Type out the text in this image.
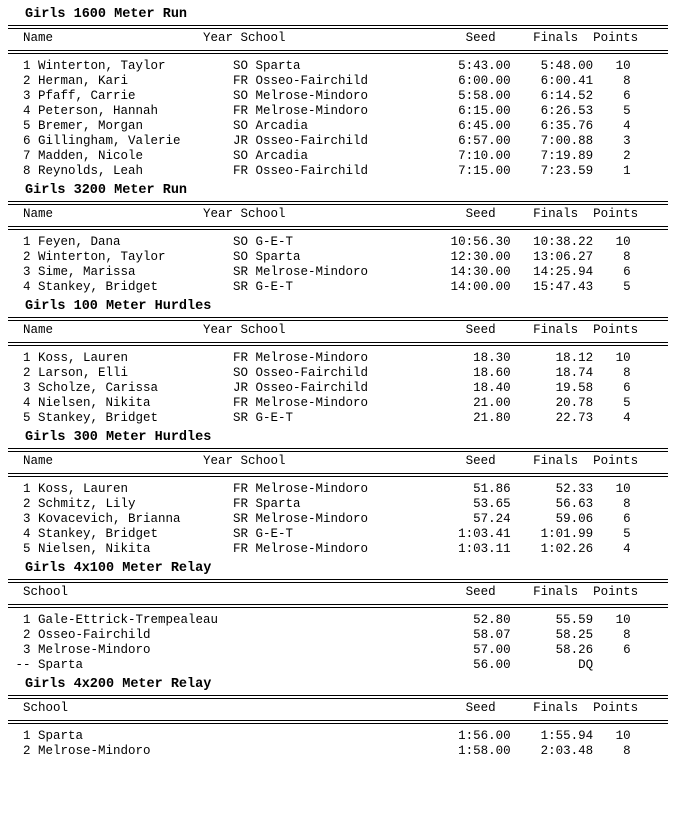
Girls 1600 Meter Run
Name                    Year School                        Seed     Finals  Points
1 Winterton, Taylor         SO Sparta                     5:43.00    5:48.00   10
2 Herman, Kari              FR Osseo-Fairchild            6:00.00    6:00.41    8
3 Pfaff, Carrie             SO Melrose-Mindoro            5:58.00    6:14.52    6
4 Peterson, Hannah          FR Melrose-Mindoro            6:15.00    6:26.53    5
5 Bremer, Morgan            SO Arcadia                    6:45.00    6:35.76    4
6 Gillingham, Valerie       JR Osseo-Fairchild            6:57.00    7:00.88    3
7 Madden, Nicole            SO Arcadia                    7:10.00    7:19.89    2
8 Reynolds, Leah            FR Osseo-Fairchild            7:15.00    7:23.59    1
Girls 3200 Meter Run
Name                    Year School                        Seed     Finals  Points
1 Feyen, Dana               SO G-E-T                     10:56.30   10:38.22   10
2 Winterton, Taylor         SO Sparta                    12:30.00   13:06.27    8
3 Sime, Marissa             SR Melrose-Mindoro           14:30.00   14:25.94    6
4 Stankey, Bridget          SR G-E-T                     14:00.00   15:47.43    5
Girls 100 Meter Hurdles
Name                    Year School                        Seed     Finals  Points
1 Koss, Lauren              FR Melrose-Mindoro              18.30      18.12   10
2 Larson, Elli              SO Osseo-Fairchild              18.60      18.74    8
3 Scholze, Carissa          JR Osseo-Fairchild              18.40      19.58    6
4 Nielsen, Nikita           FR Melrose-Mindoro              21.00      20.78    5
5 Stankey, Bridget          SR G-E-T                        21.80      22.73    4
Girls 300 Meter Hurdles
Name                    Year School                        Seed     Finals  Points
1 Koss, Lauren              FR Melrose-Mindoro              51.86      52.33   10
2 Schmitz, Lily             FR Sparta                       53.65      56.63    8
3 Kovacevich, Brianna       SR Melrose-Mindoro              57.24      59.06    6
4 Stankey, Bridget          SR G-E-T                      1:03.41    1:01.99    5
5 Nielsen, Nikita           FR Melrose-Mindoro            1:03.11    1:02.26    4
Girls 4x100 Meter Relay
School                                                     Seed     Finals  Points
1 Gale-Ettrick-Trempealeau                                  52.80      55.59   10
2 Osseo-Fairchild                                           58.07      58.25    8
3 Melrose-Mindoro                                           57.00      58.26    6
-- Sparta                                                    56.00         DQ
Girls 4x200 Meter Relay
School                                                     Seed     Finals  Points
1 Sparta                                                  1:56.00    1:55.94   10
2 Melrose-Mindoro                                         1:58.00    2:03.48    8
